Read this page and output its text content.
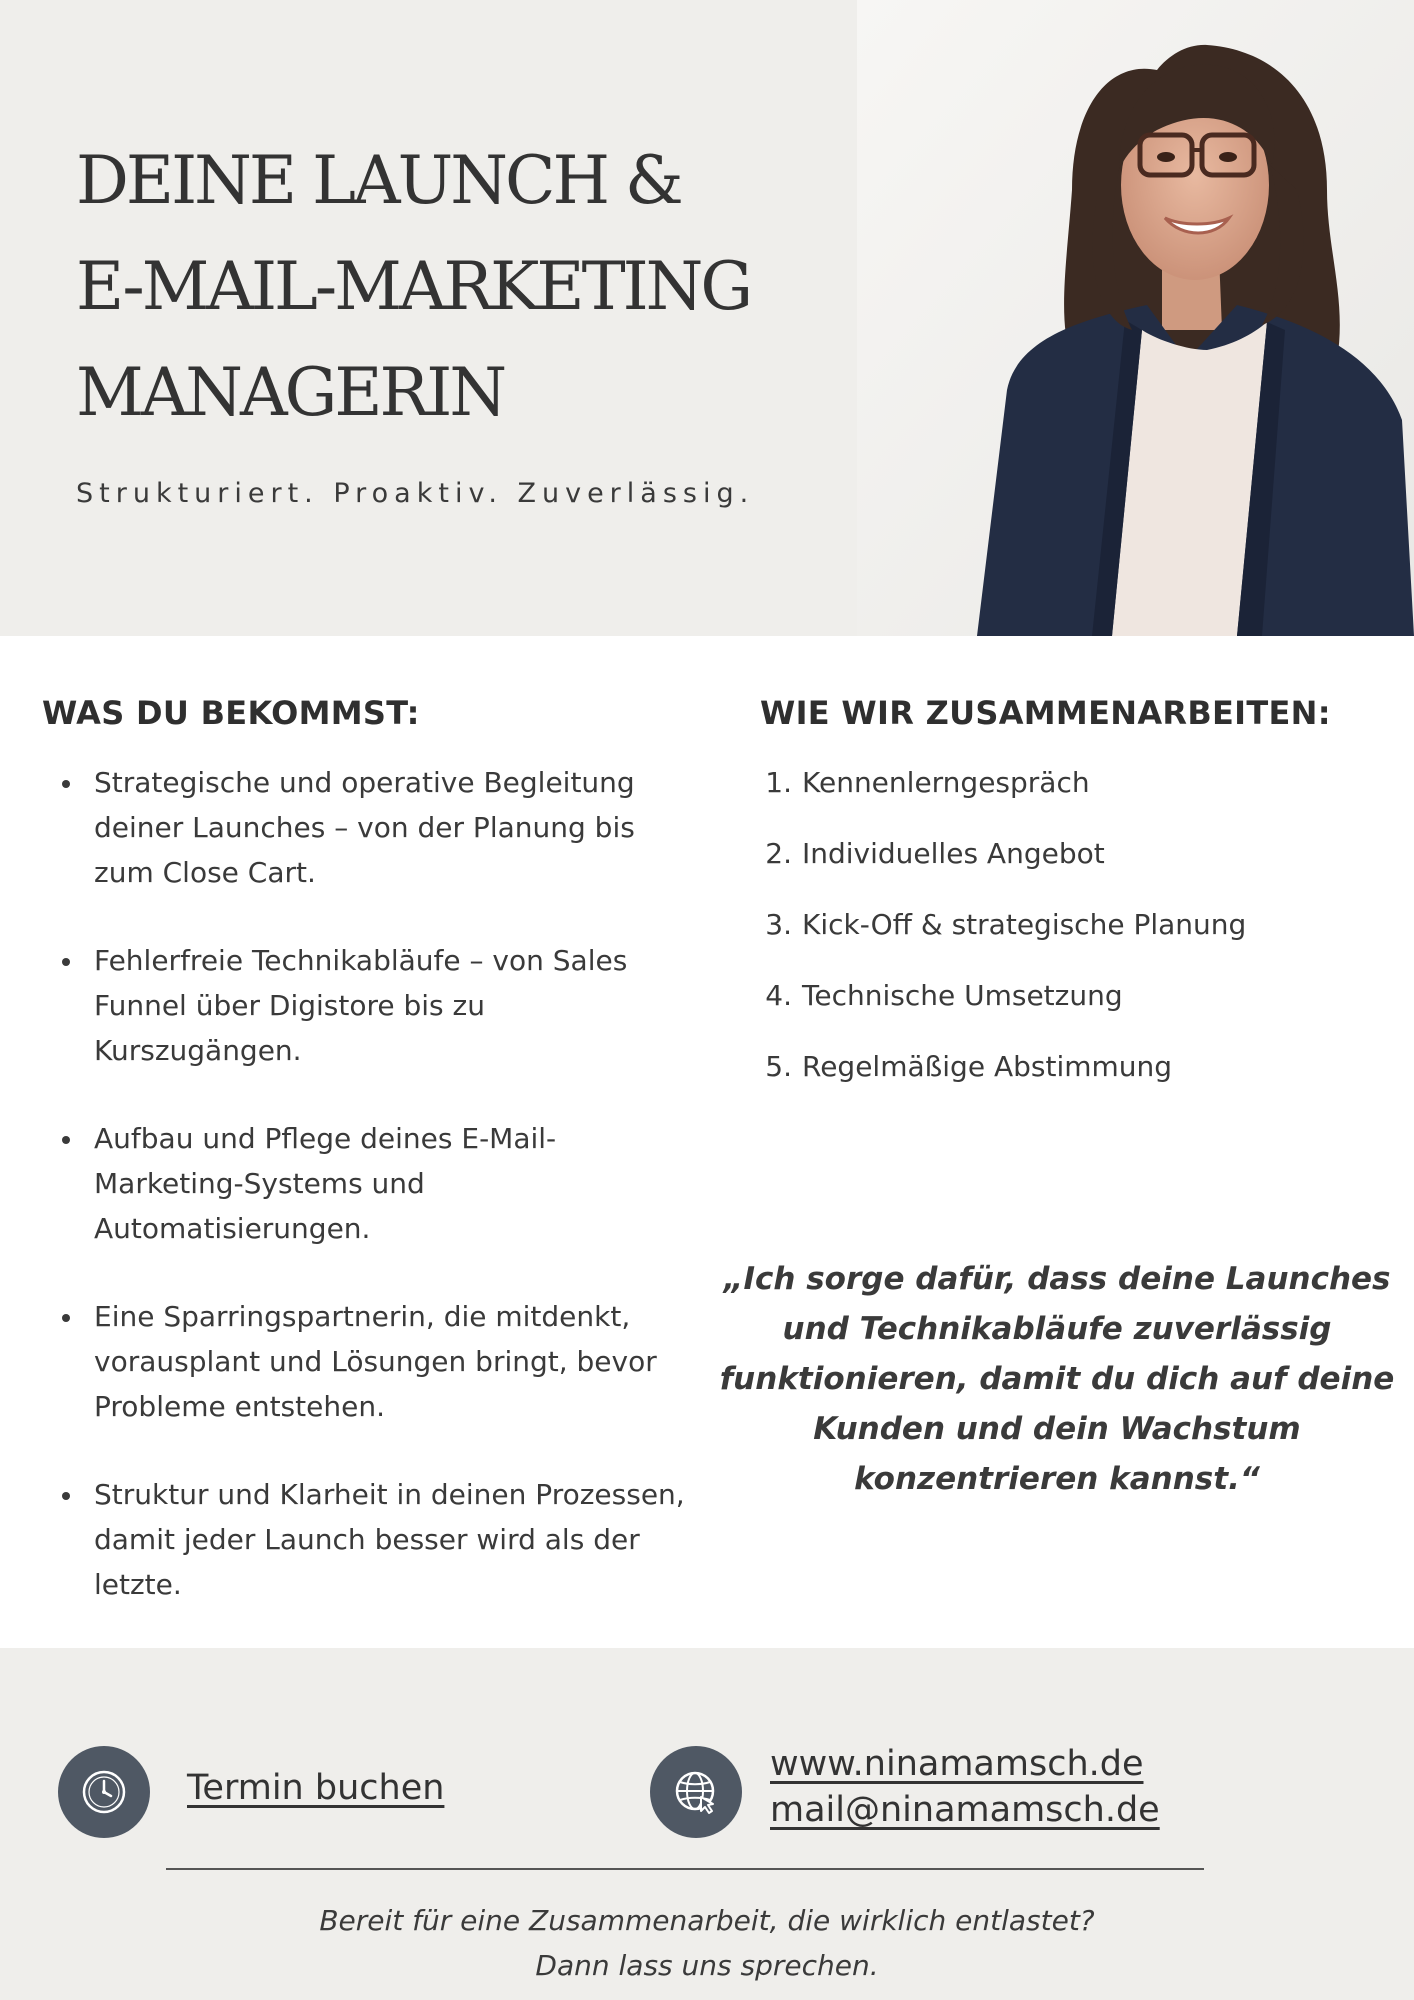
DEINE LAUNCH &
E-MAIL-MARKETING
MANAGERIN

Strukturiert. Proaktiv. Zuverlässig.

WAS DU BEKOMMST:
Strategische und operative Begleitung deiner Launches – von der Planung bis zum Close Cart.
Fehlerfreie Technikabläufe – von Sales Funnel über Digistore bis zu Kurszugängen.
Aufbau und Pflege deines E-Mail-Marketing-Systems und Automatisierungen.
Eine Sparringspartnerin, die mitdenkt, vorausplant und Lösungen bringt, bevor Probleme entstehen.
Struktur und Klarheit in deinen Prozessen, damit jeder Launch besser wird als der letzte.
WIE WIR ZUSAMMENARBEITEN:
1. Kennenlerngespräch
2. Individuelles Angebot
3. Kick-Off & strategische Planung
4. Technische Umsetzung
5. Regelmäßige Abstimmung

„Ich sorge dafür, dass deine Launches und Technikabläufe zuverlässig funktionieren, damit du dich auf deine Kunden und dein Wachstum konzentrieren kannst.“

Termin buchen
www.ninamamsch.de
mail@ninamamsch.de

Bereit für eine Zusammenarbeit, die wirklich entlastet?
Dann lass uns sprechen.
